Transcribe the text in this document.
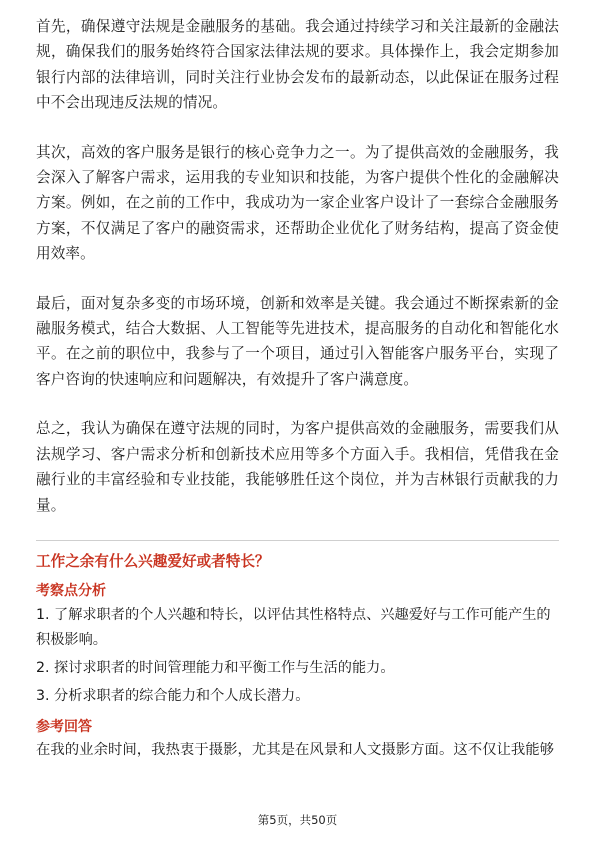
首先，确保遵守法规是金融服务的基础。我会通过持续学习和关注最新的金融法规，确保我们的服务始终符合国家法律法规的要求。具体操作上，我会定期参加银行内部的法律培训，同时关注行业协会发布的最新动态，以此保证在服务过程中不会出现违反法规的情况。

其次，高效的客户服务是银行的核心竞争力之一。为了提供高效的金融服务，我会深入了解客户需求，运用我的专业知识和技能，为客户提供个性化的金融解决方案。例如，在之前的工作中，我成功为一家企业客户设计了一套综合金融服务方案，不仅满足了客户的融资需求，还帮助企业优化了财务结构，提高了资金使用效率。

最后，面对复杂多变的市场环境，创新和效率是关键。我会通过不断探索新的金融服务模式，结合大数据、人工智能等先进技术，提高服务的自动化和智能化水平。在之前的职位中，我参与了一个项目，通过引入智能客户服务平台，实现了客户咨询的快速响应和问题解决，有效提升了客户满意度。

总之，我认为确保在遵守法规的同时，为客户提供高效的金融服务，需要我们从法规学习、客户需求分析和创新技术应用等多个方面入手。我相信，凭借我在金融行业的丰富经验和专业技能，我能够胜任这个岗位，并为吉林银行贡献我的力量。

工作之余有什么兴趣爱好或者特长？

考察点分析

1. 了解求职者的个人兴趣和特长，以评估其性格特点、兴趣爱好与工作可能产生的积极影响。
2. 探讨求职者的时间管理能力和平衡工作与生活的能力。
3. 分析求职者的综合能力和个人成长潜力。

参考回答

在我的业余时间，我热衷于摄影，尤其是在风景和人文摄影方面。这不仅让我能够

第5页，共50页
